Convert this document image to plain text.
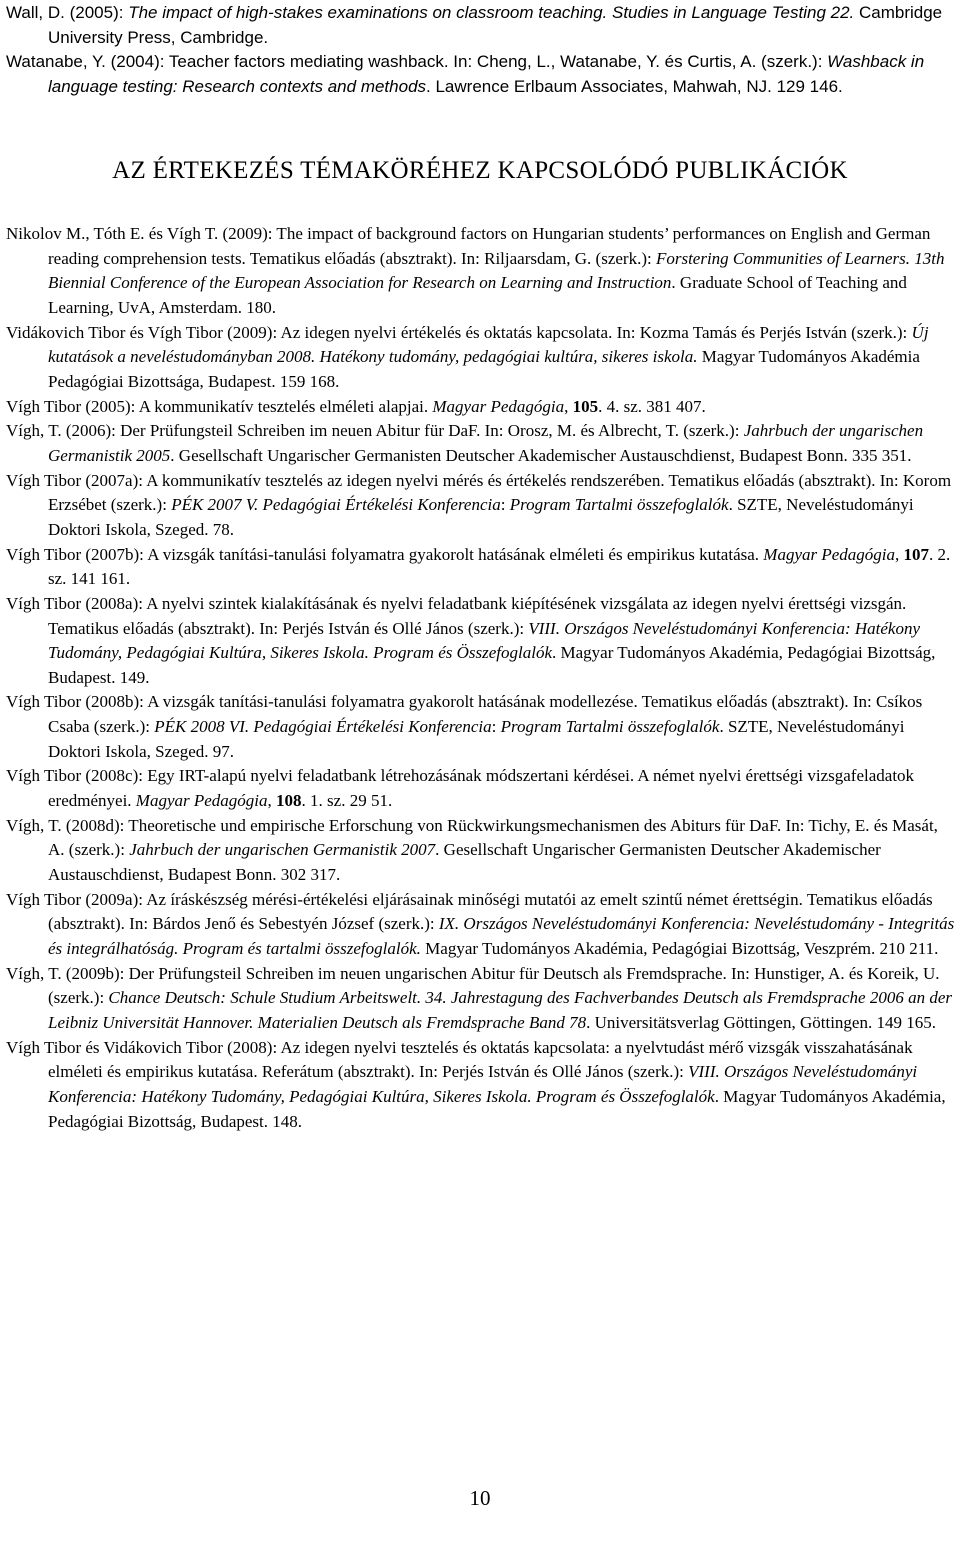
Wall, D. (2005): The impact of high-stakes examinations on classroom teaching. Studies in Language Testing 22. Cambridge University Press, Cambridge.

Watanabe, Y. (2004): Teacher factors mediating washback. In: Cheng, L., Watanabe, Y. és Curtis, A. (szerk.): Washback in language testing: Research contexts and methods. Lawrence Erlbaum Associates, Mahwah, NJ. 129 146.

AZ ÉRTEKEZÉS TÉMAKÖRÉHEZ KAPCSOLÓDÓ PUBLIKÁCIÓK

Nikolov M., Tóth E. és Vígh T. (2009): The impact of background factors on Hungarian students’ performances on English and German reading comprehension tests. Tematikus előadás (absztrakt). In: Riljaarsdam, G. (szerk.): Forstering Communities of Learners. 13th Biennial Conference of the European Association for Research on Learning and Instruction. Graduate School of Teaching and Learning, UvA, Amsterdam. 180.

Vidákovich Tibor és Vígh Tibor (2009): Az idegen nyelvi értékelés és oktatás kapcsolata. In: Kozma Tamás és Perjés István (szerk.): Új kutatások a neveléstudományban 2008. Hatékony tudomány, pedagógiai kultúra, sikeres iskola. Magyar Tudományos Akadémia Pedagógiai Bizottsága, Budapest. 159 168.

Vígh Tibor (2005): A kommunikatív tesztelés elméleti alapjai. Magyar Pedagógia, 105. 4. sz. 381 407.

Vígh, T. (2006): Der Prüfungsteil Schreiben im neuen Abitur für DaF. In: Orosz, M. és Albrecht, T. (szerk.): Jahrbuch der ungarischen Germanistik 2005. Gesellschaft Ungarischer Germanisten Deutscher Akademischer Austauschdienst, Budapest Bonn. 335 351.

Vígh Tibor (2007a): A kommunikatív tesztelés az idegen nyelvi mérés és értékelés rendszerében. Tematikus előadás (absztrakt). In: Korom Erzsébet (szerk.): PÉK 2007 V. Pedagógiai Értékelési Konferencia: Program Tartalmi összefoglalók. SZTE, Neveléstudományi Doktori Iskola, Szeged. 78.

Vígh Tibor (2007b): A vizsgák tanítási-tanulási folyamatra gyakorolt hatásának elméleti és empirikus kutatása. Magyar Pedagógia, 107. 2. sz. 141 161.

Vígh Tibor (2008a): A nyelvi szintek kialakításának és nyelvi feladatbank kiépítésének vizsgálata az idegen nyelvi érettségi vizsgán. Tematikus előadás (absztrakt). In: Perjés István és Ollé János (szerk.): VIII. Országos Neveléstudományi Konferencia: Hatékony Tudomány, Pedagógiai Kultúra, Sikeres Iskola. Program és Összefoglalók. Magyar Tudományos Akadémia, Pedagógiai Bizottság, Budapest. 149.

Vígh Tibor (2008b): A vizsgák tanítási-tanulási folyamatra gyakorolt hatásának modellezése. Tematikus előadás (absztrakt). In: Csíkos Csaba (szerk.): PÉK 2008 VI. Pedagógiai Értékelési Konferencia: Program Tartalmi összefoglalók. SZTE, Neveléstudományi Doktori Iskola, Szeged. 97.

Vígh Tibor (2008c): Egy IRT-alapú nyelvi feladatbank létrehozásának módszertani kérdései. A német nyelvi érettségi vizsgafeladatok eredményei. Magyar Pedagógia, 108. 1. sz. 29 51.

Vígh, T. (2008d): Theoretische und empirische Erforschung von Rückwirkungsmechanismen des Abiturs für DaF. In: Tichy, E. és Masát, A. (szerk.): Jahrbuch der ungarischen Germanistik 2007. Gesellschaft Ungarischer Germanisten Deutscher Akademischer Austauschdienst, Budapest Bonn. 302 317.

Vígh Tibor (2009a): Az íráskészség mérési-értékelési eljárásainak minőségi mutatói az emelt szintű német érettségin. Tematikus előadás (absztrakt). In: Bárdos Jenő és Sebestyén József (szerk.): IX. Országos Neveléstudományi Konferencia: Neveléstudomány - Integritás és integrálhatóság. Program és tartalmi összefoglalók. Magyar Tudományos Akadémia, Pedagógiai Bizottság, Veszprém. 210 211.

Vígh, T. (2009b): Der Prüfungsteil Schreiben im neuen ungarischen Abitur für Deutsch als Fremdsprache. In: Hunstiger, A. és Koreik, U. (szerk.): Chance Deutsch: Schule Studium Arbeitswelt. 34. Jahrestagung des Fachverbandes Deutsch als Fremdsprache 2006 an der Leibniz Universität Hannover. Materialien Deutsch als Fremdsprache Band 78. Universitätsverlag Göttingen, Göttingen. 149 165.

Vígh Tibor és Vidákovich Tibor (2008): Az idegen nyelvi tesztelés és oktatás kapcsolata: a nyelvtudást mérő vizsgák visszahatásának elméleti és empirikus kutatása. Referátum (absztrakt). In: Perjés István és Ollé János (szerk.): VIII. Országos Neveléstudományi Konferencia: Hatékony Tudomány, Pedagógiai Kultúra, Sikeres Iskola. Program és Összefoglalók. Magyar Tudományos Akadémia, Pedagógiai Bizottság, Budapest. 148.

10
